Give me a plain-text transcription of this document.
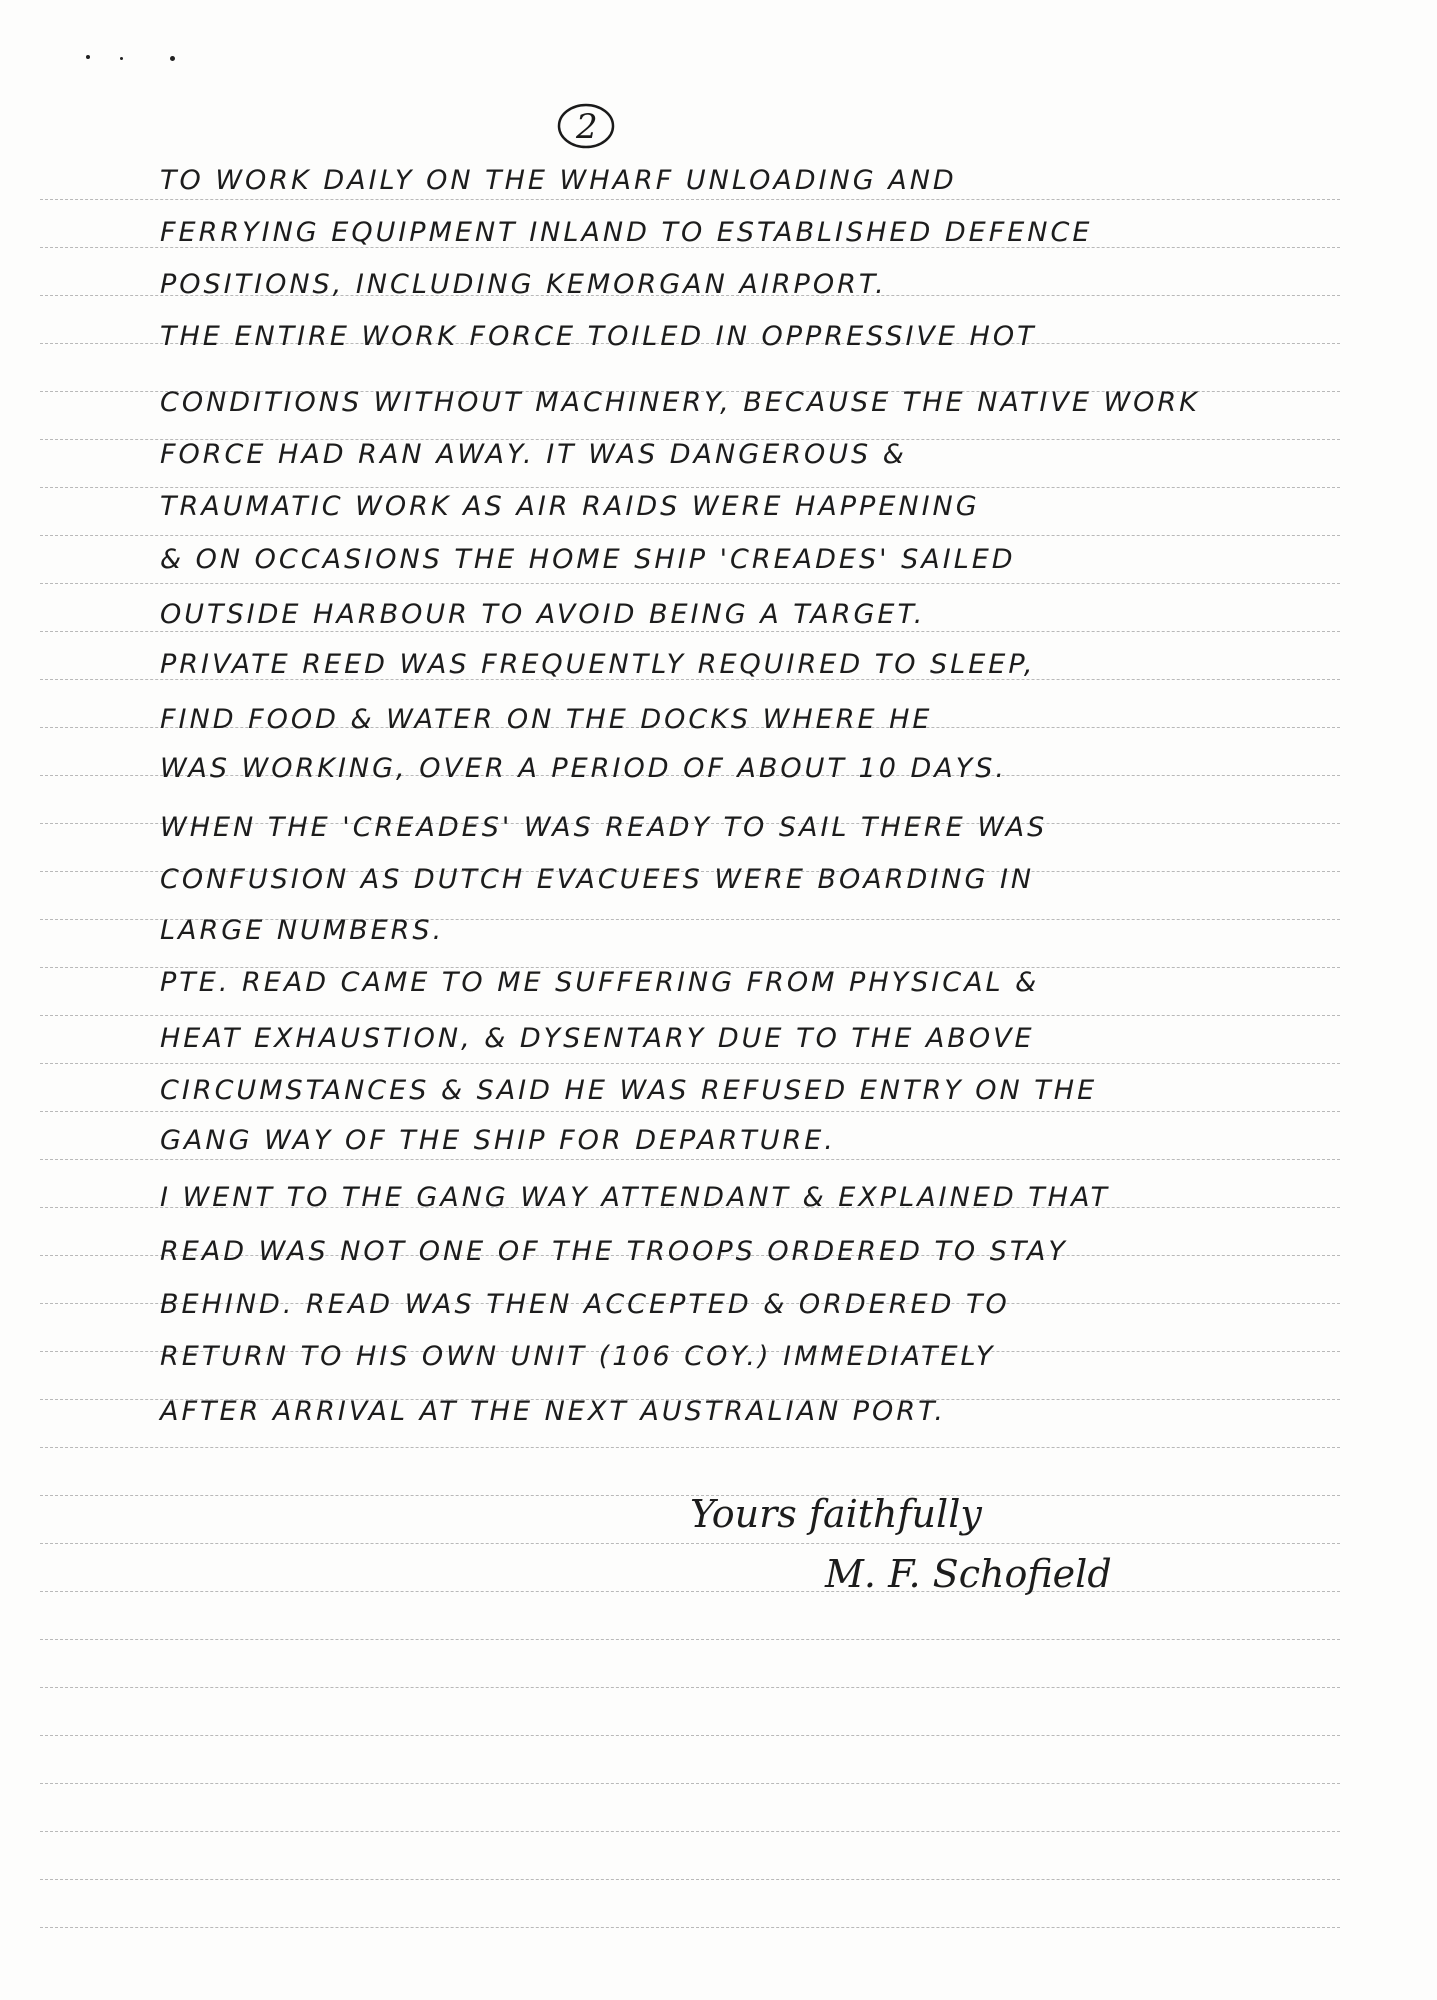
2

TO WORK DAILY ON THE WHARF UNLOADING AND

FERRYING EQUIPMENT INLAND TO ESTABLISHED DEFENCE

POSITIONS, INCLUDING KEMORGAN AIRPORT.

THE ENTIRE WORK FORCE TOILED IN OPPRESSIVE HOT

CONDITIONS WITHOUT MACHINERY, BECAUSE THE NATIVE WORK

FORCE HAD RAN AWAY. IT WAS DANGEROUS &

TRAUMATIC WORK AS AIR RAIDS WERE HAPPENING

& ON OCCASIONS THE HOME SHIP 'CREADES' SAILED

OUTSIDE HARBOUR TO AVOID BEING A TARGET.

PRIVATE REED WAS FREQUENTLY REQUIRED TO SLEEP,

FIND FOOD & WATER ON THE DOCKS WHERE HE

WAS WORKING, OVER A PERIOD OF ABOUT 10 DAYS.

WHEN THE 'CREADES' WAS READY TO SAIL THERE WAS

CONFUSION AS DUTCH EVACUEES WERE BOARDING IN

LARGE NUMBERS.

PTE. READ CAME TO ME SUFFERING FROM PHYSICAL &

HEAT EXHAUSTION, & DYSENTARY DUE TO THE ABOVE

CIRCUMSTANCES & SAID HE WAS REFUSED ENTRY ON THE

GANG WAY OF THE SHIP FOR DEPARTURE.

I WENT TO THE GANG WAY ATTENDANT & EXPLAINED THAT

READ WAS NOT ONE OF THE TROOPS ORDERED TO STAY

BEHIND. READ WAS THEN ACCEPTED & ORDERED TO

RETURN TO HIS OWN UNIT (106 COY.) IMMEDIATELY

AFTER ARRIVAL AT THE NEXT AUSTRALIAN PORT.

Yours faithfully

M. F. Schofield
